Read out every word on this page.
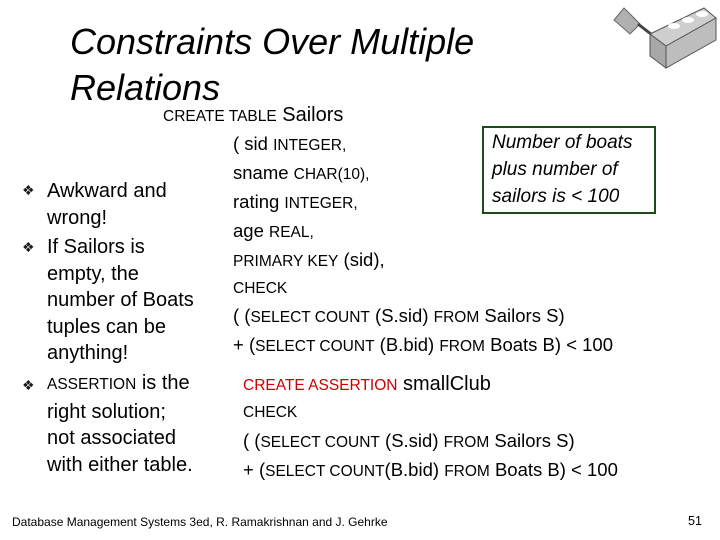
Constraints Over Multiple
Relations
❖ Awkward and
wrong!
❖ If Sailors is
empty, the
number of Boats
tuples can be
anything!
❖ ASSERTION is the
right solution;
not associated
with either table.
CREATE TABLE Sailors
( sid INTEGER,
sname CHAR(10),
rating INTEGER,
age REAL,
PRIMARY KEY (sid),
CHECK
( (SELECT COUNT (S.sid) FROM Sailors S)
+ (SELECT COUNT (B.bid) FROM Boats B) < 100
CREATE ASSERTION smallClub
CHECK
( (SELECT COUNT (S.sid) FROM Sailors S)
+ (SELECT COUNT(B.bid) FROM Boats B) < 100
Number of boats
plus number of
sailors is < 100
Database Management Systems 3ed, R. Ramakrishnan and J. Gehrke	51
